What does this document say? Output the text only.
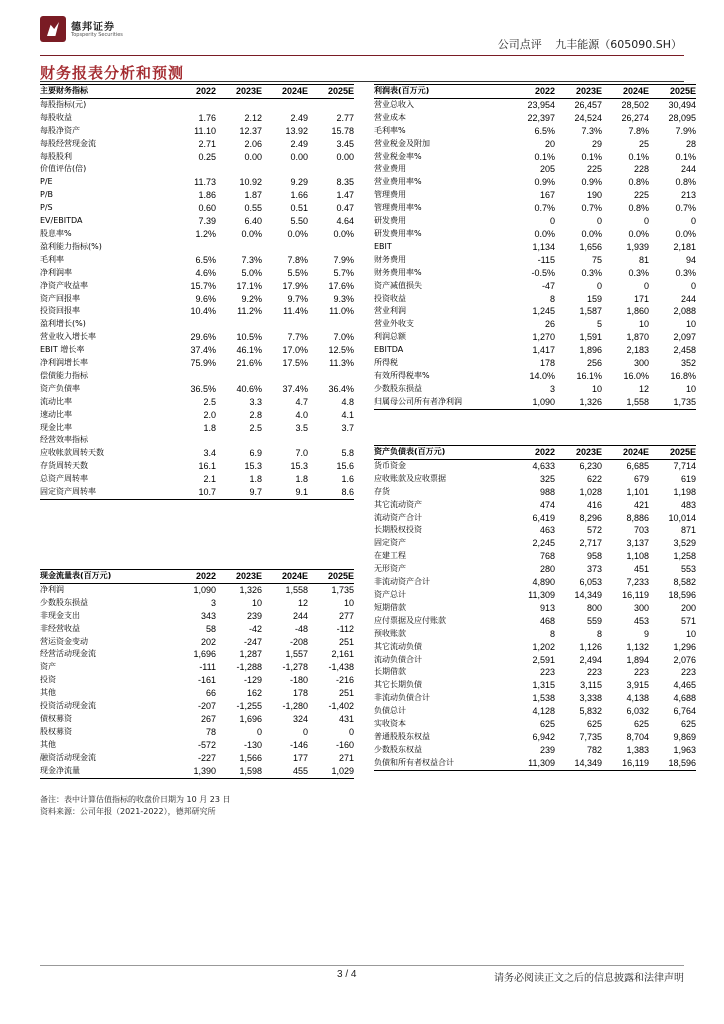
德邦证券
Topsperity Securities
公司点评 九丰能源（605090.SH）
财务报表分析和预测
主要财务指标	2022	2023E	2024E	2025E
每股指标(元)				
每股收益	1.76	2.12	2.49	2.77
每股净资产	11.10	12.37	13.92	15.78
每股经营现金流	2.71	2.06	2.49	3.45
每股股利	0.25	0.00	0.00	0.00
价值评估(倍)				
P/E	11.73	10.92	9.29	8.35
P/B	1.86	1.87	1.66	1.47
P/S	0.60	0.55	0.51	0.47
EV/EBITDA	7.39	6.40	5.50	4.64
股息率%	1.2%	0.0%	0.0%	0.0%
盈利能力指标(%)				
毛利率	6.5%	7.3%	7.8%	7.9%
净利润率	4.6%	5.0%	5.5%	5.7%
净资产收益率	15.7%	17.1%	17.9%	17.6%
资产回报率	9.6%	9.2%	9.7%	9.3%
投资回报率	10.4%	11.2%	11.4%	11.0%
盈利增长(%)				
营业收入增长率	29.6%	10.5%	7.7%	7.0%
EBIT 增长率	37.4%	46.1%	17.0%	12.5%
净利润增长率	75.9%	21.6%	17.5%	11.3%
偿债能力指标				
资产负债率	36.5%	40.6%	37.4%	36.4%
流动比率	2.5	3.3	4.7	4.8
速动比率	2.0	2.8	4.0	4.1
现金比率	1.8	2.5	3.5	3.7
经营效率指标				
应收帐款周转天数	3.4	6.9	7.0	5.8
存货周转天数	16.1	15.3	15.3	15.6
总资产周转率	2.1	1.8	1.8	1.6
固定资产周转率	10.7	9.7	9.1	8.6
利润表(百万元)	2022	2023E	2024E	2025E
营业总收入	23,954	26,457	28,502	30,494
营业成本	22,397	24,524	26,274	28,095
毛利率%	6.5%	7.3%	7.8%	7.9%
营业税金及附加	20	29	25	28
营业税金率%	0.1%	0.1%	0.1%	0.1%
营业费用	205	225	228	244
营业费用率%	0.9%	0.9%	0.8%	0.8%
管理费用	167	190	225	213
管理费用率%	0.7%	0.7%	0.8%	0.7%
研发费用	0	0	0	0
研发费用率%	0.0%	0.0%	0.0%	0.0%
EBIT	1,134	1,656	1,939	2,181
财务费用	-115	75	81	94
财务费用率%	-0.5%	0.3%	0.3%	0.3%
资产减值损失	-47	0	0	0
投资收益	8	159	171	244
营业利润	1,245	1,587	1,860	2,088
营业外收支	26	5	10	10
利润总额	1,270	1,591	1,870	2,097
EBITDA	1,417	1,896	2,183	2,458
所得税	178	256	300	352
有效所得税率%	14.0%	16.1%	16.0%	16.8%
少数股东损益	3	10	12	10
归属母公司所有者净利润	1,090	1,326	1,558	1,735
资产负债表(百万元)	2022	2023E	2024E	2025E
货币资金	4,633	6,230	6,685	7,714
应收账款及应收票据	325	622	679	619
存货	988	1,028	1,101	1,198
其它流动资产	474	416	421	483
流动资产合计	6,419	8,296	8,886	10,014
长期股权投资	463	572	703	871
固定资产	2,245	2,717	3,137	3,529
在建工程	768	958	1,108	1,258
无形资产	280	373	451	553
非流动资产合计	4,890	6,053	7,233	8,582
资产总计	11,309	14,349	16,119	18,596
短期借款	913	800	300	200
应付票据及应付账款	468	559	453	571
预收账款	8	8	9	10
其它流动负债	1,202	1,126	1,132	1,296
流动负债合计	2,591	2,494	1,894	2,076
长期借款	223	223	223	223
其它长期负债	1,315	3,115	3,915	4,465
非流动负债合计	1,538	3,338	4,138	4,688
负债总计	4,128	5,832	6,032	6,764
实收资本	625	625	625	625
普通股股东权益	6,942	7,735	8,704	9,869
少数股东权益	239	782	1,383	1,963
负债和所有者权益合计	11,309	14,349	16,119	18,596
现金流量表(百万元)	2022	2023E	2024E	2025E
净利润	1,090	1,326	1,558	1,735
少数股东损益	3	10	12	10
非现金支出	343	239	244	277
非经营收益	58	-42	-48	-112
营运资金变动	202	-247	-208	251
经营活动现金流	1,696	1,287	1,557	2,161
资产	-111	-1,288	-1,278	-1,438
投资	-161	-129	-180	-216
其他	66	162	178	251
投资活动现金流	-207	-1,255	-1,280	-1,402
债权募资	267	1,696	324	431
股权募资	78	0	0	0
其他	-572	-130	-146	-160
融资活动现金流	-227	1,566	177	271
现金净流量	1,390	1,598	455	1,029
备注：表中计算估值指标的收盘价日期为 10 月 23 日
资料来源：公司年报（2021-2022），德邦研究所
3 / 4	请务必阅读正文之后的信息披露和法律声明
